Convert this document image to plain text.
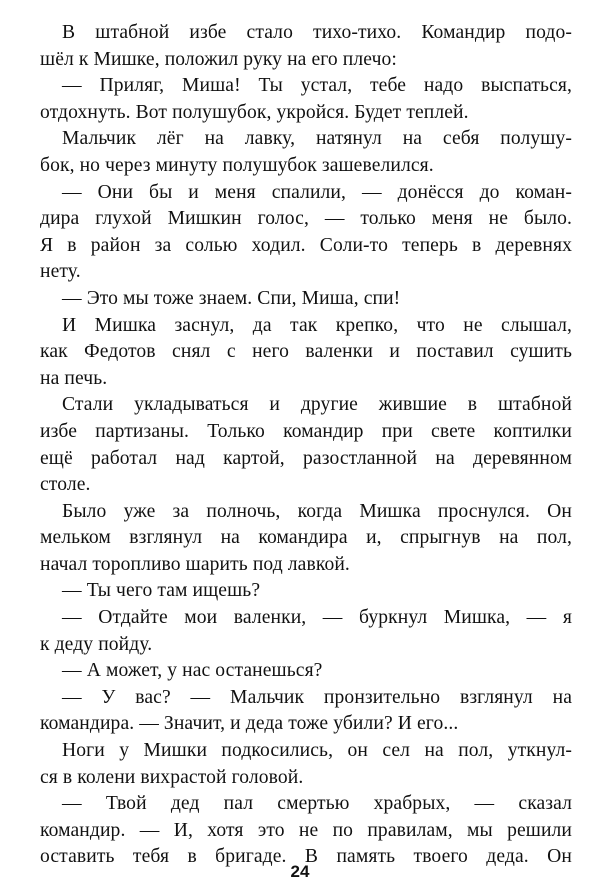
В штабной избе стало тихо-тихо. Командир подо-

шёл к Мишке, положил руку на его плечо:

— Приляг, Миша! Ты устал, тебе надо выспаться,

отдохнуть. Вот полушубок, укройся. Будет теплей.

Мальчик лёг на лавку, натянул на себя полушу-

бок, но через минуту полушубок зашевелился.

— Они бы и меня спалили, — донёсся до коман-

дира глухой Мишкин голос, — только меня не было.

Я в район за солью ходил. Соли-то теперь в деревнях

нету.

— Это мы тоже знаем. Спи, Миша, спи!

И Мишка заснул, да так крепко, что не слышал,

как Федотов снял с него валенки и поставил сушить

на печь.

Стали укладываться и другие жившие в штабной

избе партизаны. Только командир при свете коптилки

ещё работал над картой, разостланной на деревянном

столе.

Было уже за полночь, когда Мишка проснулся. Он

мельком взглянул на командира и, спрыгнув на пол,

начал торопливо шарить под лавкой.

— Ты чего там ищешь?

— Отдайте мои валенки, — буркнул Мишка, — я

к деду пойду.

— А может, у нас останешься?

— У вас? — Мальчик пронзительно взглянул на

командира. — Значит, и деда тоже убили? И его...

Ноги у Мишки подкосились, он сел на пол, уткнул-

ся в колени вихрастой головой.

— Твой дед пал смертью храбрых, — сказал

командир. — И, хотя это не по правилам, мы решили

оставить тебя в бригаде. В память твоего деда. Он

24
